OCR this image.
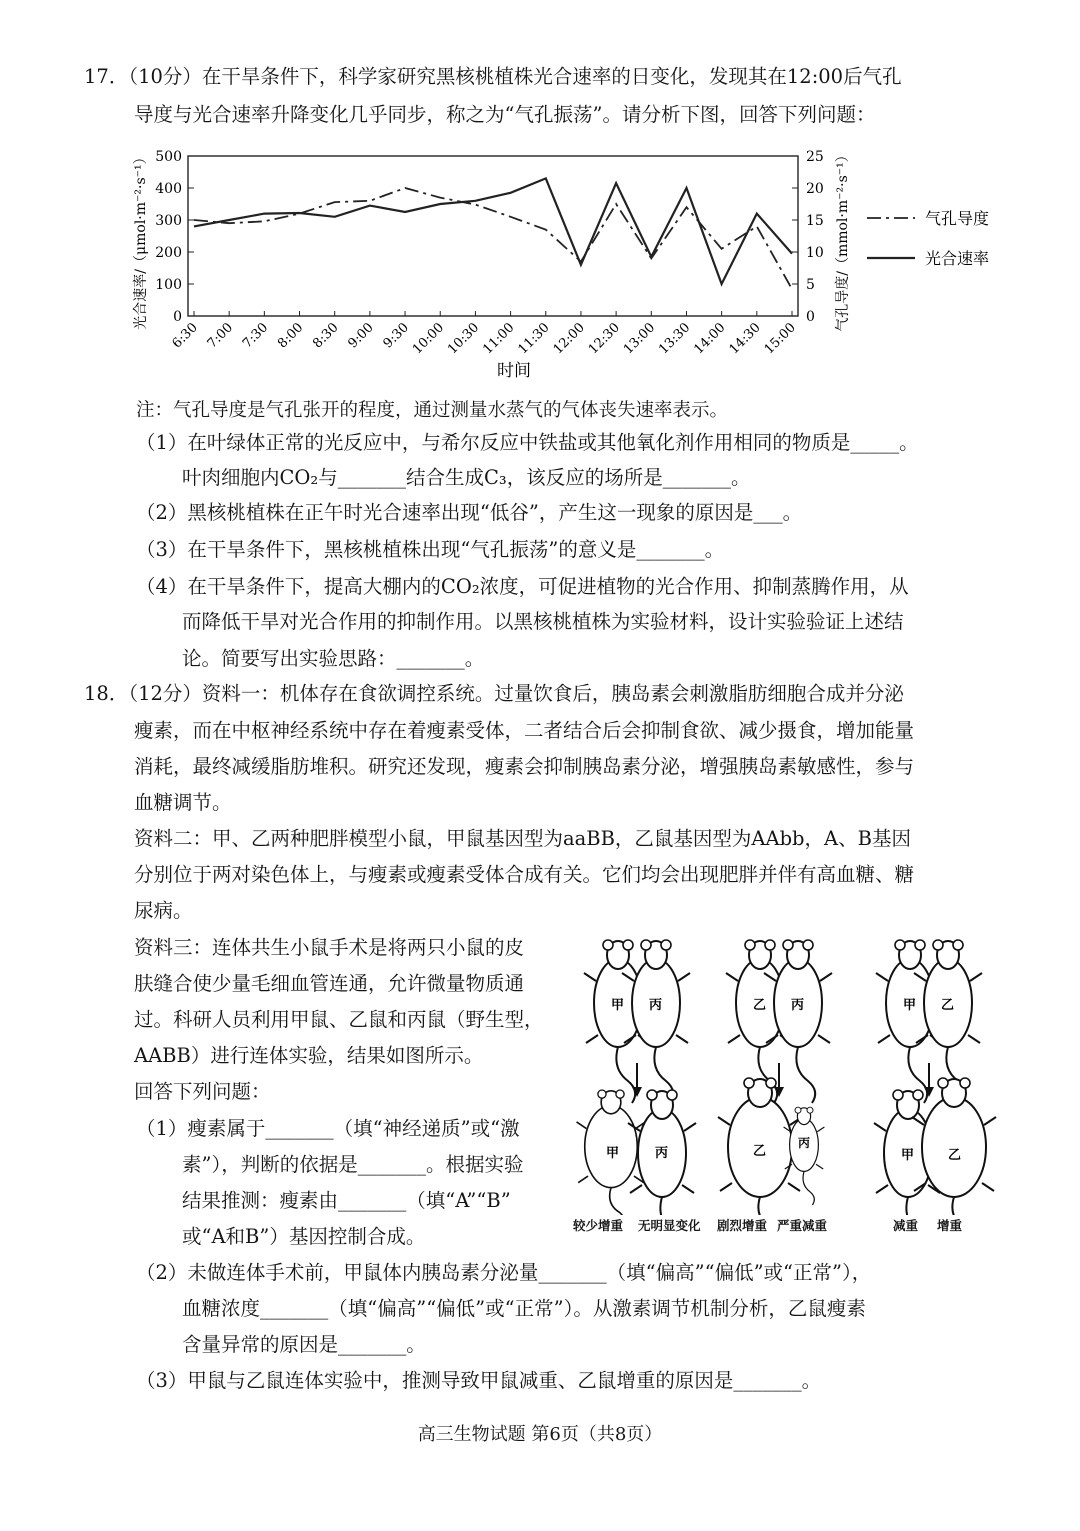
17．（10分）在干旱条件下，科学家研究黑核桃植株光合速率的日变化，发现其在12:00后气孔
导度与光合速率升降变化几乎同步，称之为“气孔振荡”。请分析下图，回答下列问题：
0
100
200
300
400
500
0
5
10
15
20
25
6:30 7:00 7:30 8:00 8:30 9:00 9:30
10:00
10:30
11:00
11:30
12:00
12:30
13:00
13:30
14:00
14:30
15:00
光合速率/（μmol·m⁻²·s⁻¹）	气孔导度/（mmol·m⁻²·s⁻¹）
时间
气孔导度
光合速率
注：气孔导度是气孔张开的程度，通过测量水蒸气的气体丧失速率表示。
（1）在叶绿体正常的光反应中，与希尔反应中铁盐或其他氧化剂作用相同的物质是_____。
叶肉细胞内CO₂与_______结合生成C₃，该反应的场所是_______。
（2）黑核桃植株在正午时光合速率出现“低谷”，产生这一现象的原因是___。
（3）在干旱条件下，黑核桃植株出现“气孔振荡”的意义是_______。
（4）在干旱条件下，提高大棚内的CO₂浓度，可促进植物的光合作用、抑制蒸腾作用，从
而降低干旱对光合作用的抑制作用。以黑核桃植株为实验材料，设计实验验证上述结
论。简要写出实验思路：_______。
18．（12分）资料一：机体存在食欲调控系统。过量饮食后，胰岛素会刺激脂肪细胞合成并分泌
瘦素，而在中枢神经系统中存在着瘦素受体，二者结合后会抑制食欲、减少摄食，增加能量
消耗，最终减缓脂肪堆积。研究还发现，瘦素会抑制胰岛素分泌，增强胰岛素敏感性，参与
血糖调节。
资料二：甲、乙两种肥胖模型小鼠，甲鼠基因型为aaBB，乙鼠基因型为AAbb，A、B基因
分别位于两对染色体上，与瘦素或瘦素受体合成有关。它们均会出现肥胖并伴有高血糖、糖
尿病。
资料三：连体共生小鼠手术是将两只小鼠的皮
肤缝合使少量毛细血管连通，允许微量物质通
过。科研人员利用甲鼠、乙鼠和丙鼠（野生型，
AABB）进行连体实验，结果如图所示。
回答下列问题：
（1）瘦素属于_______（填“神经递质”或“激
素”），判断的依据是_______。根据实验
结果推测：瘦素由_______（填“A”“B”
或“A和B”）基因控制合成。
（2）未做连体手术前，甲鼠体内胰岛素分泌量_______（填“偏高”“偏低”或“正常”），
血糖浓度_______（填“偏高”“偏低”或“正常”）。从激素调节机制分析，乙鼠瘦素
含量异常的原因是_______。
（3）甲鼠与乙鼠连体实验中，推测导致甲鼠减重、乙鼠增重的原因是_______。
甲 丙
甲	丙
乙 丙
乙
丙
甲 乙
甲	乙
较少增重 无明显变化 剧烈增重 严重减重	减重 增重
高三生物试题 第6页（共8页）
